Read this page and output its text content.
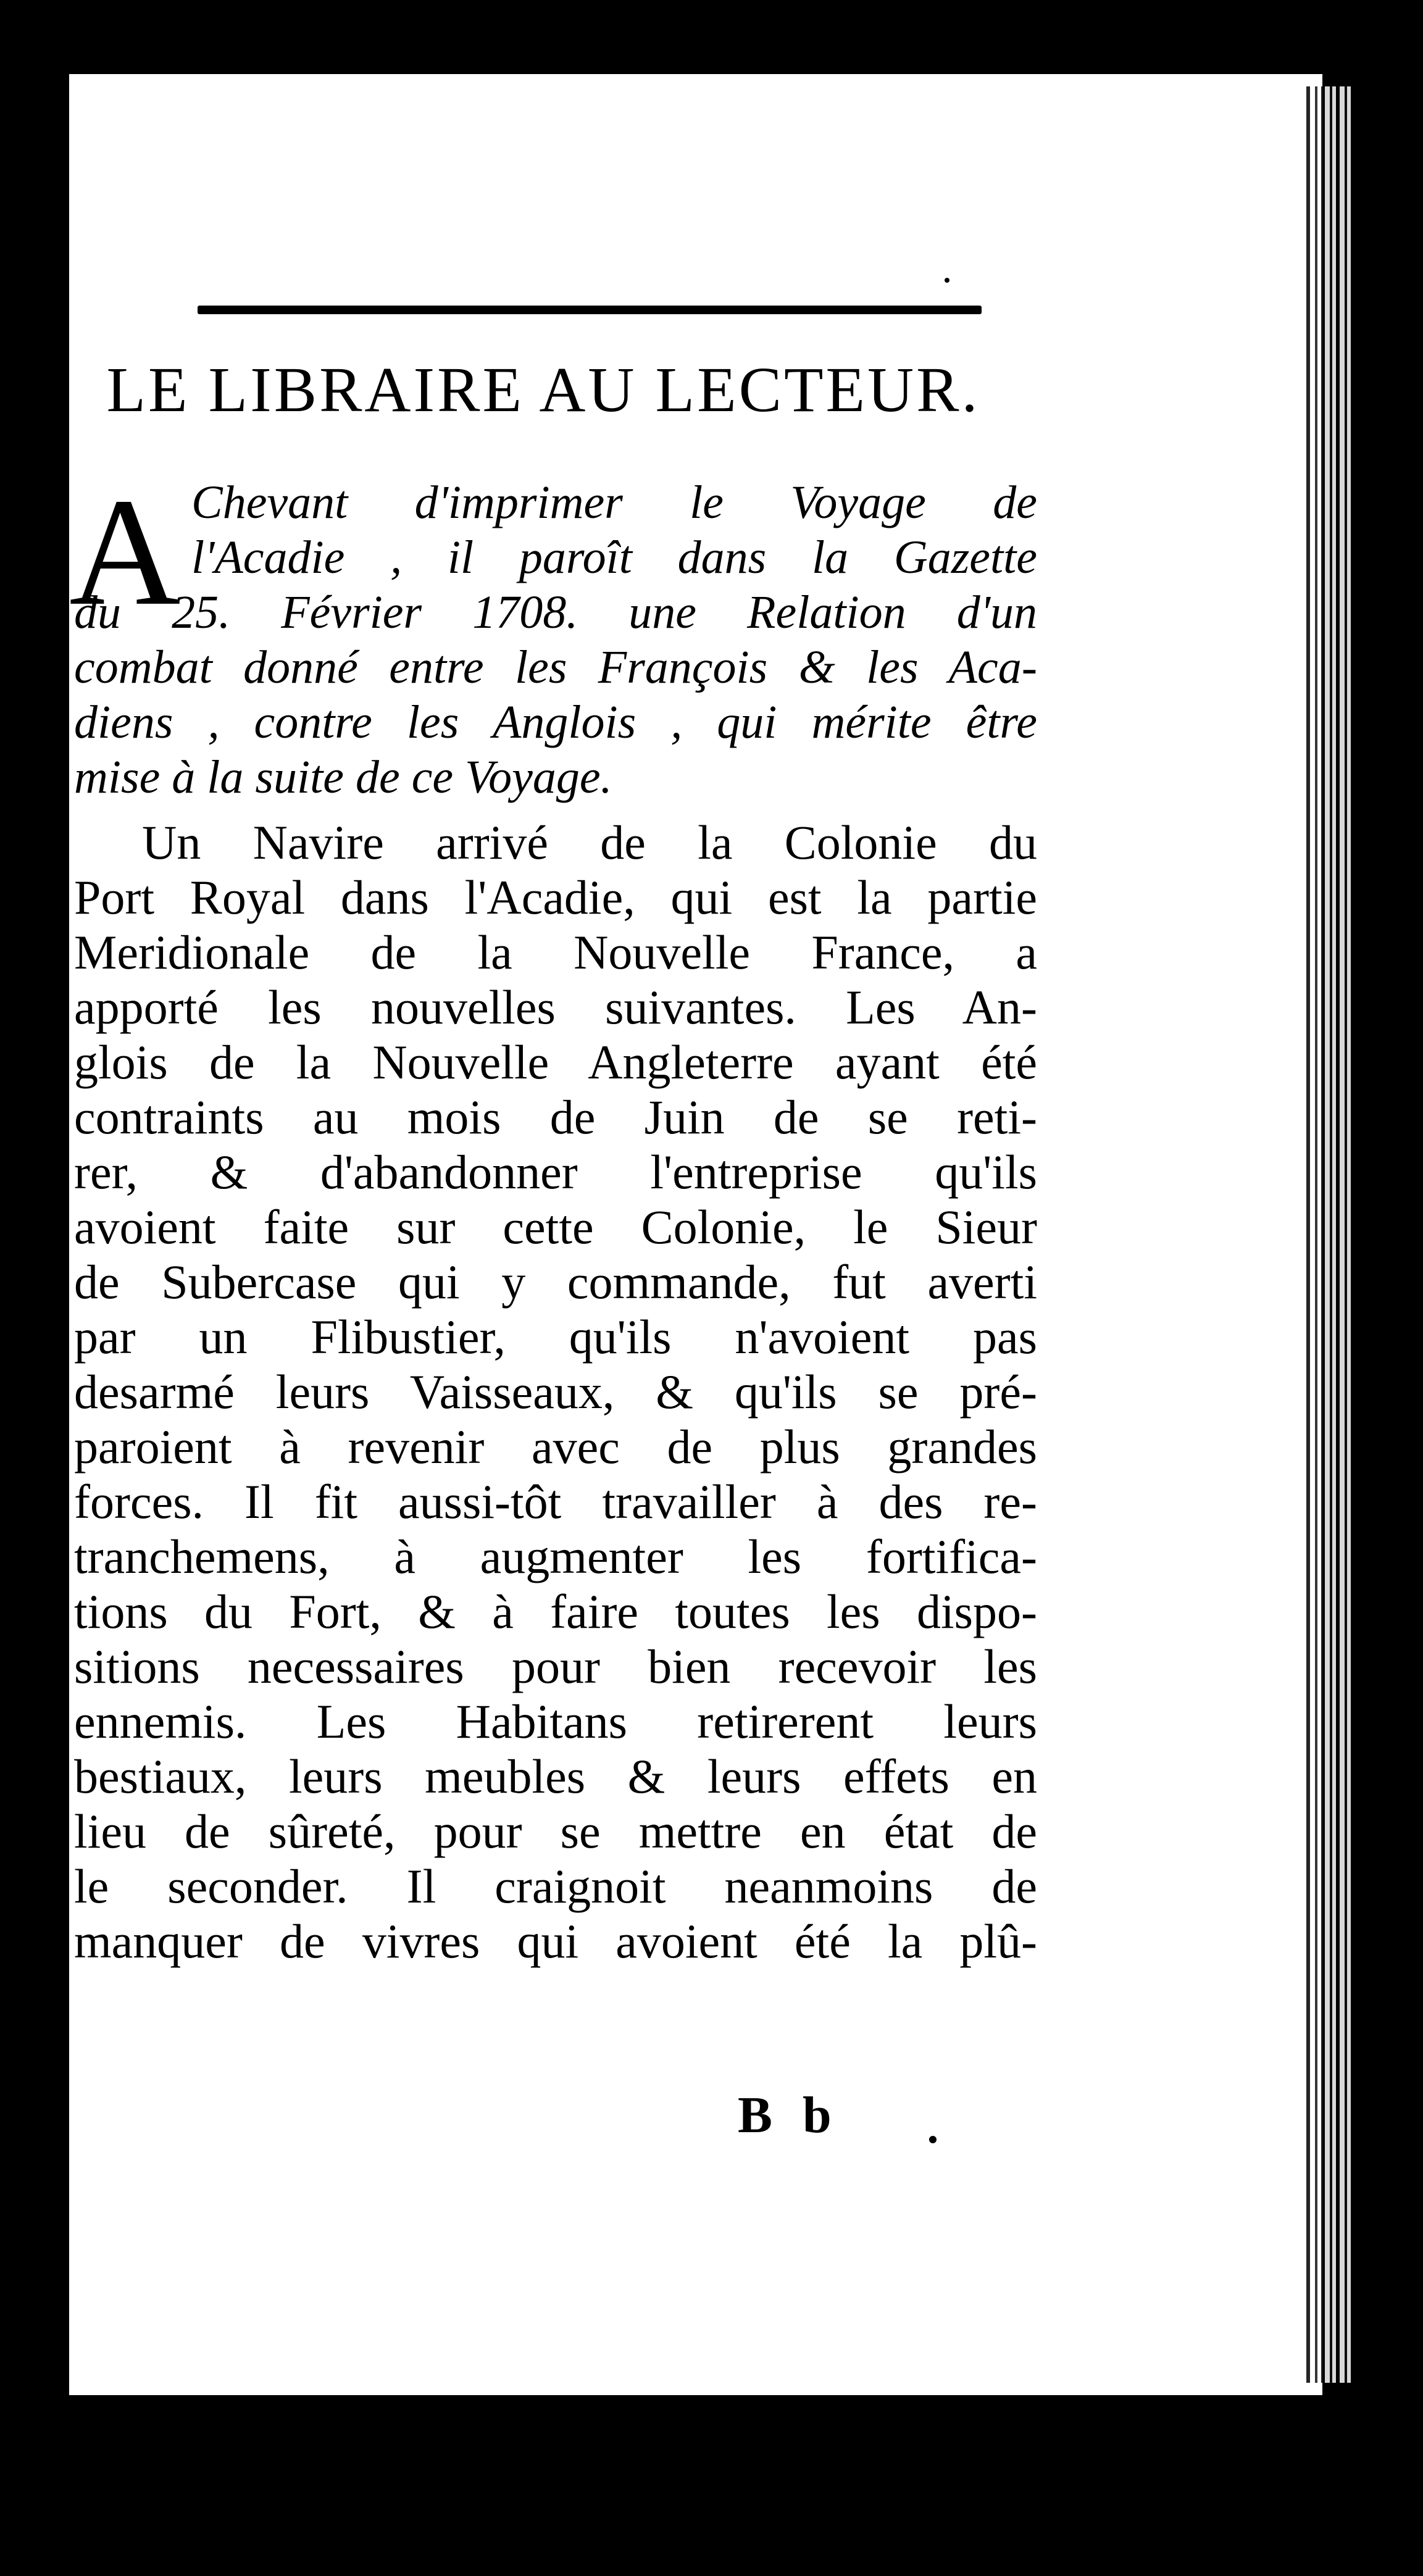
•
LE LIBRAIRE AU LECTEUR.
A Chevant d'imprimer le Voyage de
l'Acadie , il paroît dans la Gazette
du 25. Février 1708. une Relation d'un
combat donné entre les François & les Aca-
diens , contre les Anglois , qui mérite être
mise à la suite de ce Voyage.
Un Navire arrivé de la Colonie du
Port Royal dans l'Acadie, qui est la partie
Meridionale de la Nouvelle France, a
apporté les nouvelles suivantes. Les An-
glois de la Nouvelle Angleterre ayant été
contraints au mois de Juin de se reti-
rer, & d'abandonner l'entreprise qu'ils
avoient faite sur cette Colonie, le Sieur
de Subercase qui y commande, fut averti
par un Flibustier, qu'ils n'avoient pas
desarmé leurs Vaisseaux, & qu'ils se pré-
paroient à revenir avec de plus grandes
forces. Il fit aussi-tôt travailler à des re-
tranchemens, à augmenter les fortifica-
tions du Fort, & à faire toutes les dispo-
sitions necessaires pour bien recevoir les
ennemis. Les Habitans retirerent leurs
bestiaux, leurs meubles & leurs effets en
lieu de sûreté, pour se mettre en état de
le seconder. Il craignoit neanmoins de
manquer de vivres qui avoient été la plû-
B b
